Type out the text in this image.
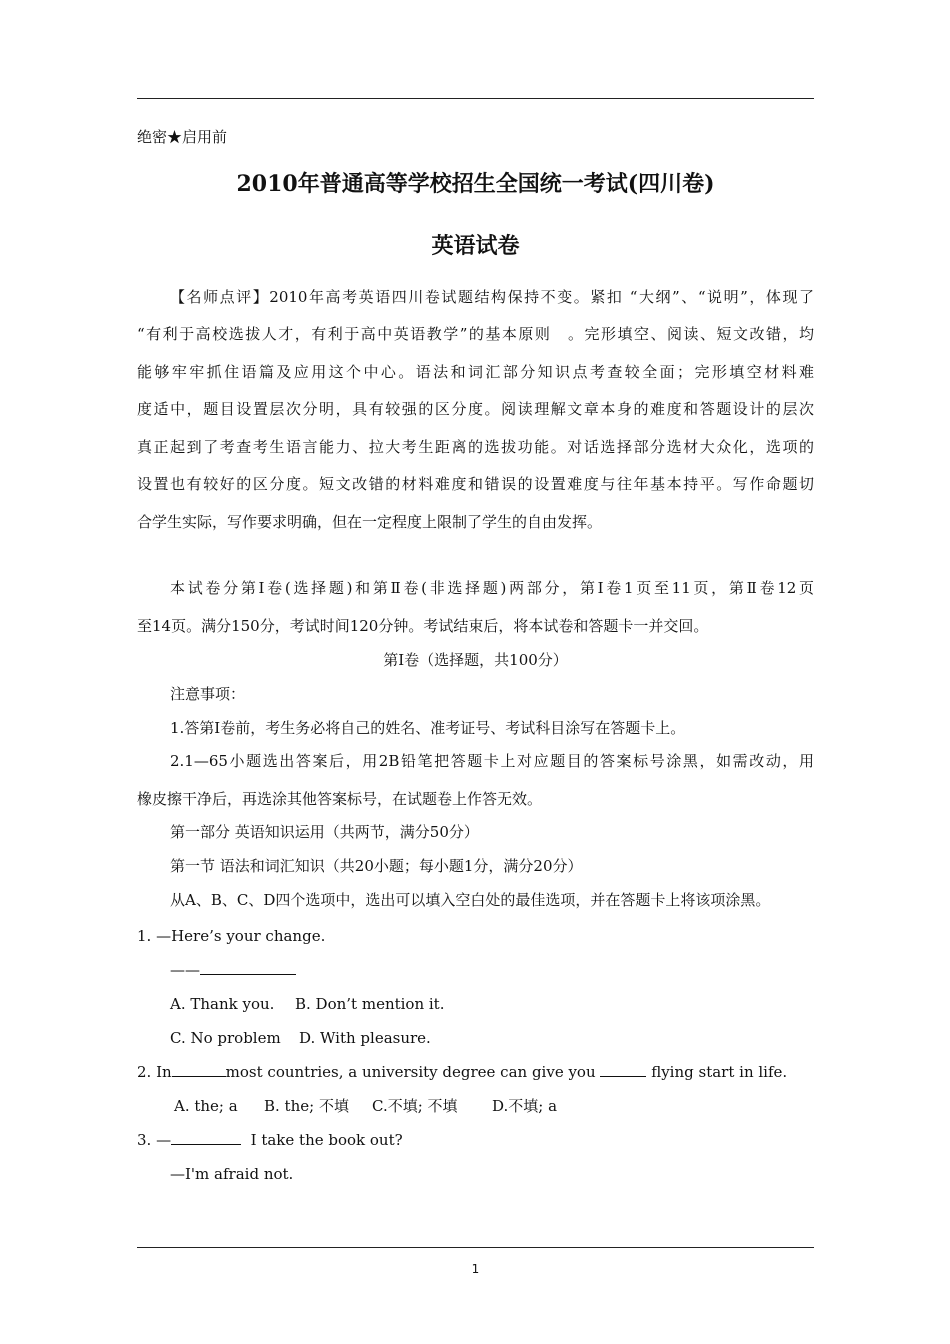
绝密★启用前
2010年普通高等学校招生全国统一考试(四川卷)
英语试卷
【名师点评】2010年高考英语四川卷试题结构保持不变。紧扣 “大纲”、“说明”，体现了
“有利于高校选拔人才，有利于高中英语教学”的基本原则　。完形填空、阅读、短文改错，均
能够牢牢抓住语篇及应用这个中心。语法和词汇部分知识点考查较全面；完形填空材料难
度适中，题目设置层次分明，具有较强的区分度。阅读理解文章本身的难度和答题设计的层次
真正起到了考查考生语言能力、拉大考生距离的选拔功能。对话选择部分选材大众化，选项的
设置也有较好的区分度。短文改错的材料难度和错误的设置难度与往年基本持平。写作命题切
合学生实际，写作要求明确，但在一定程度上限制了学生的自由发挥。
本试卷分第Ⅰ卷(选择题)和第Ⅱ卷(非选择题)两部分，第Ⅰ卷1页至11页，第Ⅱ卷12页
至14页。满分150分，考试时间120分钟。考试结束后，将本试卷和答题卡一并交回。
第Ⅰ卷（选择题，共100分）
注意事项：
1.答第Ⅰ卷前，考生务必将自己的姓名、准考证号、考试科目涂写在答题卡上。
2.1—65小题选出答案后，用2B铅笔把答题卡上对应题目的答案标号涂黑，如需改动，用
橡皮擦干净后，再选涂其他答案标号，在试题卷上作答无效。
第一部分 英语知识运用（共两节，满分50分）
第一节 语法和词汇知识（共20小题；每小题1分，满分20分）
从A、B、C、D四个选项中，选出可以填入空白处的最佳选项，并在答题卡上将该项涂黑。
1. —Here’s your change.
——
A. Thank you. B. Don’t mention it.
C. No problem D. With pleasure.
2. In	most countries, a university degree can give you	flying start in life.
A. the; a B. the; 不填 C.不填; 不填 D.不填; a
3. —	I take the book out?
—I'm afraid not.
1
